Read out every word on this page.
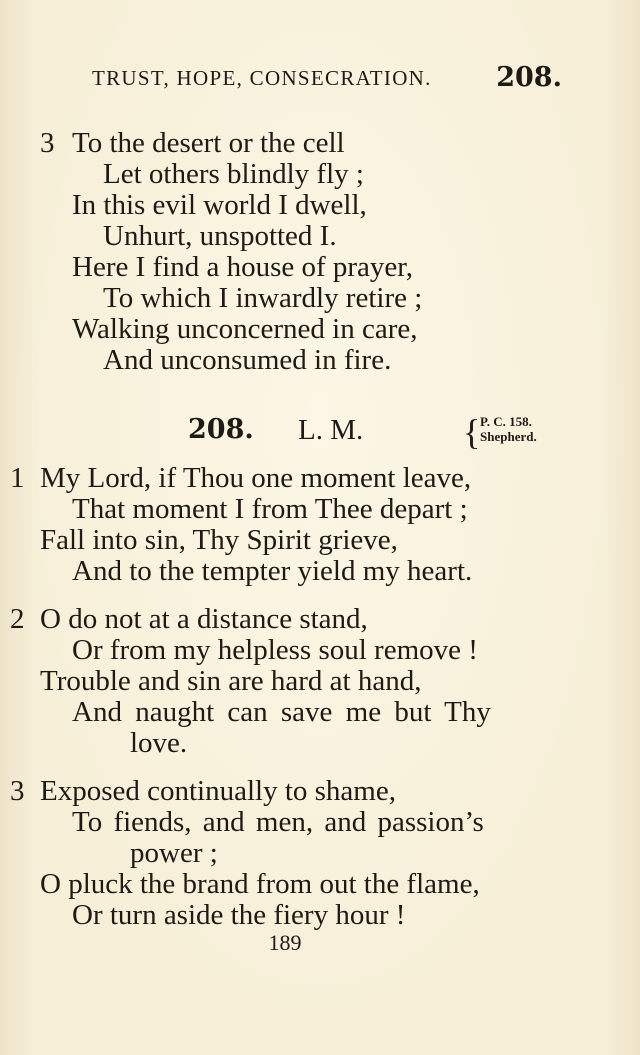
TRUST, HOPE, CONSECRATION. 208.
3 To the desert or the cell
Let others blindly fly ;
In this evil world I dwell,
Unhurt, unspotted I.
Here I find a house of prayer,
To which I inwardly retire ;
Walking unconcerned in care,
And unconsumed in fire.
208. L. M.	{ P. C. 158.
Shepherd.
1 My Lord, if Thou one moment leave,
That moment I from Thee depart ;
Fall into sin, Thy Spirit grieve,
And to the tempter yield my heart.
2 O do not at a distance stand,
Or from my helpless soul remove !
Trouble and sin are hard at hand,
And naught can save me but Thy
love.
3 Exposed continually to shame,
To fiends, and men, and passion’s
power ;
O pluck the brand from out the flame,
Or turn aside the fiery hour !
189
